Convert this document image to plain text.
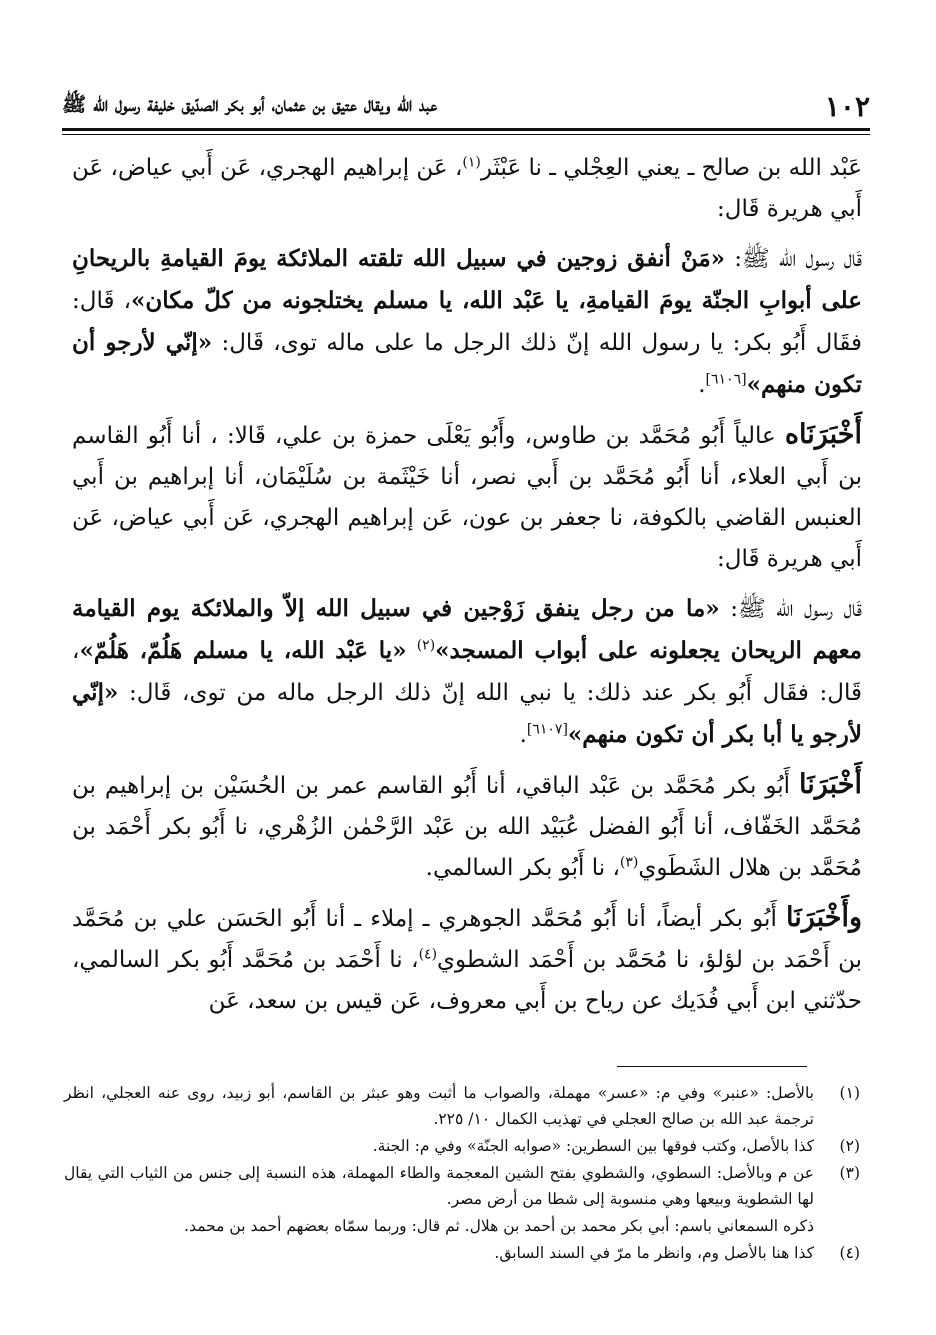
١٠٢
عبد الله ويقال عتيق بن عثمان، أبو بكر الصدّيق خليفة رسول الله ﷺ

عَبْد الله بن صالح ـ يعني العِجْلي ـ نا عَبْثَر$^{(١)}$، عَن إبراهيم الهجري، عَن أَبي عياض، عَن أَبي هريرة قَال:

قَال رسول الله ﷺ: «مَنْ أنفق زوجين في سبيل الله تلقته الملائكة يومَ القيامةِ بالريحانِ على أبوابِ الجنّة يومَ القيامةِ، يا عَبْد الله، يا مسلم يختلجونه من كلّ مكان»، قَال: فقَال أَبُو بكر: يا رسول الله إنّ ذلك الرجل ما على ماله توى، قَال: «إنّي لأرجو أن تكون منهم»[٦١٠٦].

أَخْبَرَنَاه عالياً أَبُو مُحَمَّد بن طاوس، وأَبُو يَعْلَى حمزة بن علي، قَالا: ، أنا أَبُو القاسم بن أَبي العلاء، أنا أَبُو مُحَمَّد بن أَبي نصر، أنا خَيْثَمة بن سُلَيْمَان، أنا إبراهيم بن أَبي العنبس القاضي بالكوفة، نا جعفر بن عون، عَن إبراهيم الهجري، عَن أَبي عياض، عَن أَبي هريرة قَال:

قَال رسول الله ﷺ: «ما من رجل ينفق زَوْجين في سبيل الله إلاّ والملائكة يوم القيامة معهم الريحان يجعلونه على أبواب المسجد»$^{(٢)}$ «يا عَبْد الله، يا مسلم هَلُمّ، هَلُمّ»، قَال: فقَال أَبُو بكر عند ذلك: يا نبي الله إنّ ذلك الرجل ماله من توى، قَال: «إنّي لأرجو يا أبا بكر أن تكون منهم»[٦١٠٧].

أَخْبَرَنَا أَبُو بكر مُحَمَّد بن عَبْد الباقي، أنا أَبُو القاسم عمر بن الحُسَيْن بن إبراهيم بن مُحَمَّد الخَفّاف، أنا أَبُو الفضل عُبَيْد الله بن عَبْد الرَّحْمٰن الزُهْري، نا أَبُو بكر أَحْمَد بن مُحَمَّد بن هلال الشَطَوي$^{(٣)}$، نا أَبُو بكر السالمي.

وأَخْبَرَنَا أَبُو بكر أيضاً، أنا أَبُو مُحَمَّد الجوهري ـ إملاء ـ أنا أَبُو الحَسَن علي بن مُحَمَّد بن أَحْمَد بن لؤلؤ، نا مُحَمَّد بن أَحْمَد الشطوي$^{(٤)}$، نا أَحْمَد بن مُحَمَّد أَبُو بكر السالمي، حدّثني ابن أَبي فُدَيك عن رياح بن أَبي معروف، عَن قيس بن سعد، عَن

(١)
بالأصل: «عنبر» وفي م: «عسر» مهملة، والصواب ما أثبت وهو عبثر بن القاسم، أبو زبيد، روى عنه العجلي، انظر ترجمة عبد الله بن صالح العجلي في تهذيب الكمال ١٠/ ٢٢٥.
(٢)
كذا بالأصل، وكتب فوقها بين السطرين: «صوابه الجنّة» وفي م: الجنة.
(٣)
عن م وبالأصل: السطوي، والشطوي بفتح الشين المعجمة والطاء المهملة، هذه النسبة إلى جنس من الثياب التي يقال لها الشطوية وبيعها وهي منسوبة إلى شطا من أرض مصر.
ذكره السمعاني باسم: أبي بكر محمد بن أحمد بن هلال. ثم قال: وربما سمّاه بعضهم أحمد بن محمد.
(٤)
كذا هنا بالأصل وم، وانظر ما مرّ في السند السابق.
